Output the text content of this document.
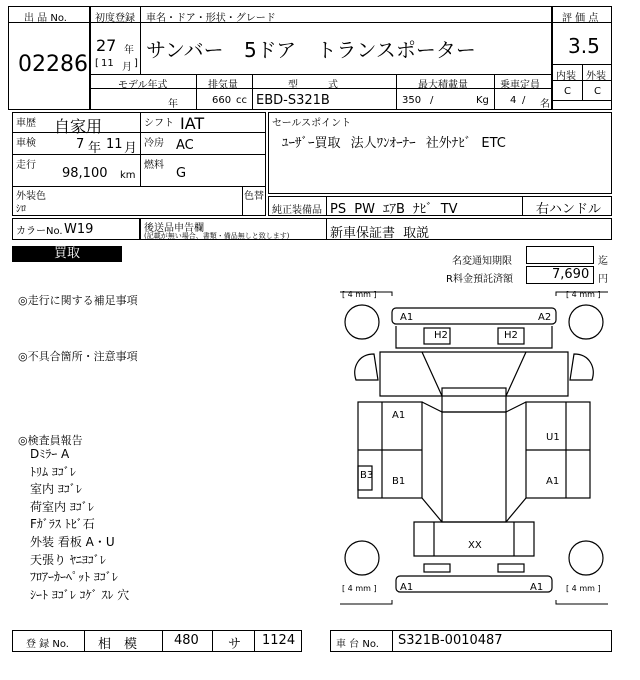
出 品 No.
02286
初度登録 車名・ドア・形状・グレード
27 年
[ 11 月 ]
サンバー 5ドア トランスポーター
モデル年式
年
排気量
660 cc
型　　　式
EBD-S321B
最大積載量
350 /	Kg
乗車定員
4 / 名
評 価 点
3.5
内装 外装
C C
車歴 自家用	シフト IAT
車検	7 年 11 月 冷房 AC
走行
98,100 km
燃料
G
外装色
ｼﾛ
色替
セールスポイント
ﾕｰｻﾞｰ買取 法人ﾜﾝｵｰﾅｰ 社外ﾅﾋﾞ ETC
純正装備品 PS PW ｴｱB ﾅﾋﾞ TV	右ハンドル
カラーNo. W19	後送品申告欄
(記載が無い場合、書類・備品無しと致します)	新車保証書 取説
買取
名変通知期限	迄
R料金預託済額	7,690 円
◎走行に関する補足事項
◎不具合箇所・注意事項
◎検査員報告
Dﾐﾗｰ A
ﾄﾘﾑ ﾖｺﾞﾚ
室内 ﾖｺﾞﾚ
荷室内 ﾖｺﾞﾚ
Fｶﾞﾗｽ ﾄﾋﾞ石
外装 看板 A・U
天張り ﾔﾆﾖｺﾞﾚ
ﾌﾛｱｰｶｰﾍﾟｯﾄ ﾖｺﾞﾚ
ｼｰﾄ ﾖｺﾞﾚ ｺｹﾞ ｽﾚ 穴
[ 4 mm ]	[ 4 mm ]
[ 4 mm ]	[ 4 mm ]
A1	A2
H2	H2
A1
U1
B3
B1	A1
XX
A1	A1
登 録 No. 相　模	480 サ 1124	車 台 No. S321B-0010487
